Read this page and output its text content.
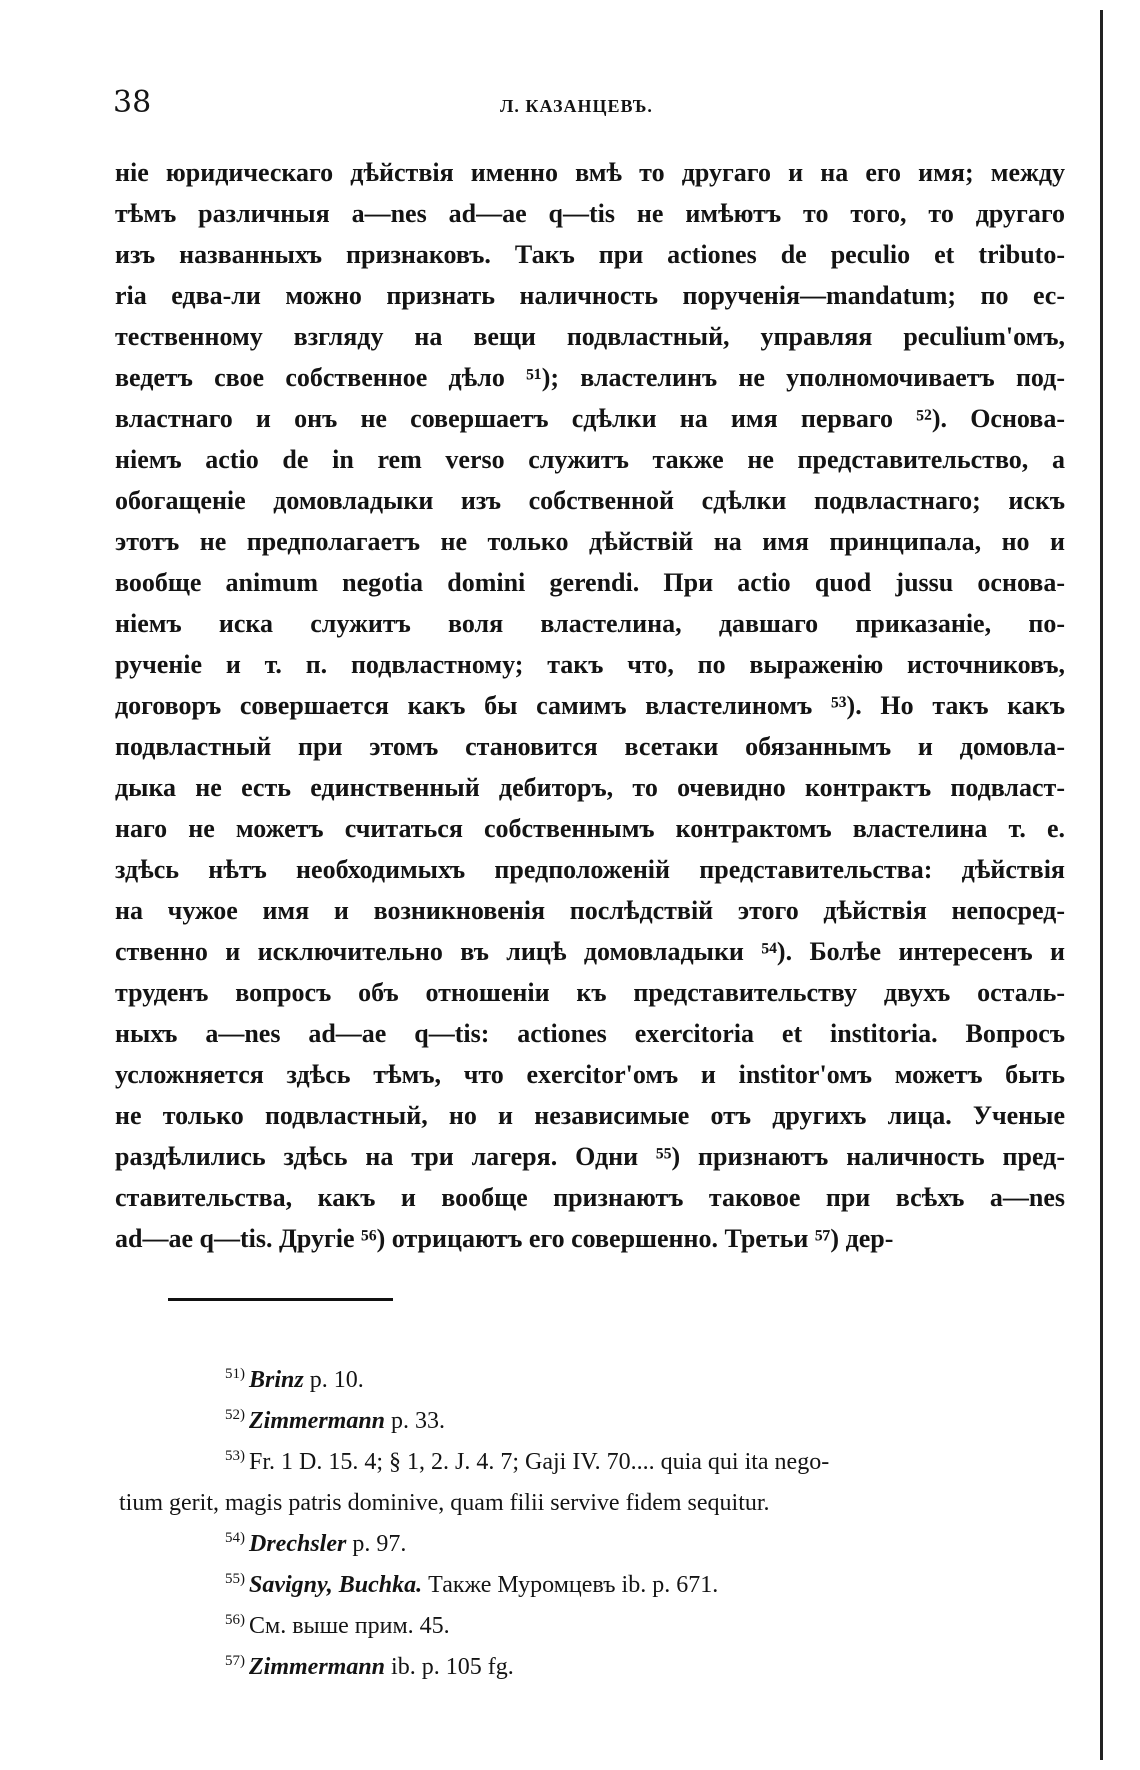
38	Л. КАЗАНЦЕВЪ.
ніе юридическаго дѣйствія именно вмѣ то другаго и на его имя; между
тѣмъ различныя a—nes ad—ae q—tis не имѣютъ то того, то другаго
изъ названныхъ признаковъ. Такъ при actiones de peculio et tributo-
ria едва-ли можно признать наличность порученія—mandatum; по ес-
тественному взгляду на вещи подвластный, управляя peculium'омъ,
ведетъ свое собственное дѣло ⁵¹); властелинъ не уполномочиваетъ под-
властнаго и онъ не совершаетъ сдѣлки на имя перваго ⁵²). Основа-
ніемъ actio de in rem verso служитъ также не представительство, а
обогащеніе домовладыки изъ собственной сдѣлки подвластнаго; искъ
этотъ не предполагаетъ не только дѣйствій на имя принципала, но и
вообще animum negotia domini gerendi. При actio quod jussu основа-
ніемъ иска служитъ воля властелина, давшаго приказаніе, по-
рученіе и т. п. подвластному; такъ что, по выраженію источниковъ,
договоръ совершается какъ бы самимъ властелиномъ ⁵³). Но такъ какъ
подвластный при этомъ становится всетаки обязаннымъ и домовла-
дыка не есть единственный дебиторъ, то очевидно контрактъ подвласт-
наго не можетъ считаться собственнымъ контрактомъ властелина т. е.
здѣсь нѣтъ необходимыхъ предположеній представительства: дѣйствія
на чужое имя и возникновенія послѣдствій этого дѣйствія непосред-
ственно и исключительно въ лицѣ домовладыки ⁵⁴). Болѣе интересенъ и
труденъ вопросъ объ отношеніи къ представительству двухъ осталь-
ныхъ a—nes ad—ae q—tis: actiones exercitoria et institoria. Вопросъ
усложняется здѣсь тѣмъ, что exercitor'омъ и institor'омъ можетъ быть
не только подвластный, но и независимые отъ другихъ лица. Ученые
раздѣлились здѣсь на три лагеря. Одни ⁵⁵) признаютъ наличность пред-
ставительства, какъ и вообще признаютъ таковое при всѣхъ a—nes
ad—ae q—tis. Другіе ⁵⁶) отрицаютъ его совершенно. Третьи ⁵⁷) дер-
$^{51)}$ Brinz p. 10.
$^{52)}$ Zimmermann p. 33.
$^{53)}$ Fr. 1 D. 15. 4; § 1, 2. J. 4. 7; Gaji IV. 70.... quia qui ita nego-
tium gerit, magis patris dominive, quam filii servive fidem sequitur.
$^{54)}$ Drechsler p. 97.
$^{55)}$ Savigny, Buchka. Также Муромцевъ ib. p. 671.
$^{56)}$ См. выше прим. 45.
$^{57)}$ Zimmermann ib. p. 105 fg.
